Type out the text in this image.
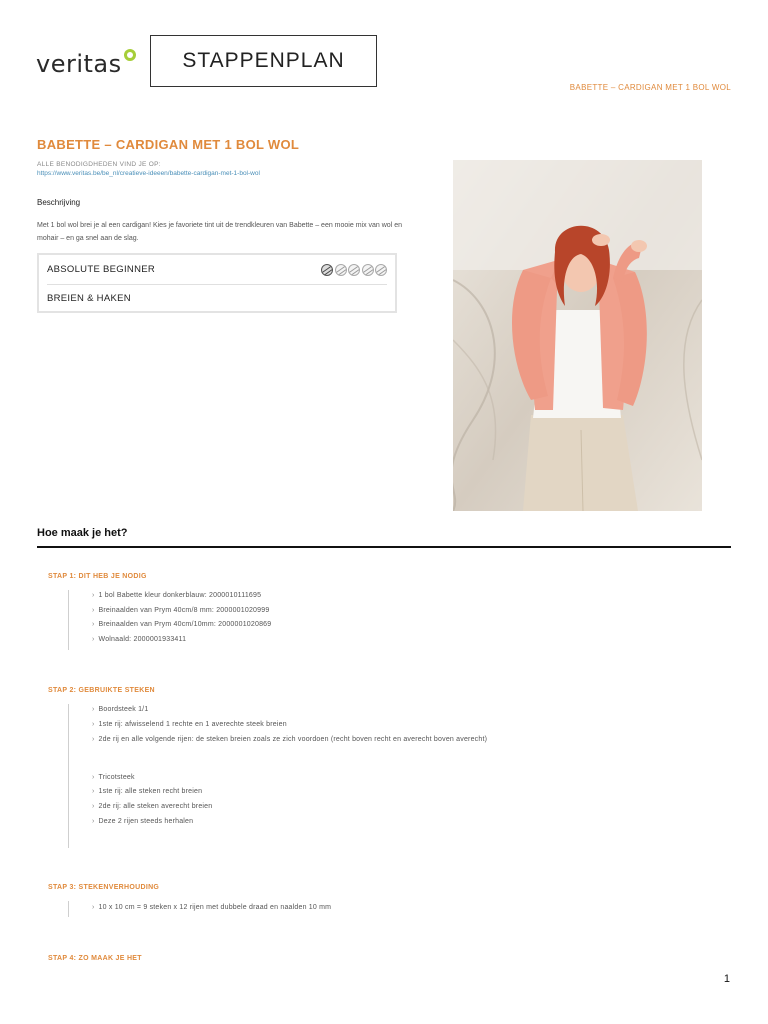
veritas	STAPPENPLAN
BABETTE – CARDIGAN MET 1 BOL WOL
BABETTE – CARDIGAN MET 1 BOL WOL
ALLE BENODIGDHEDEN VIND JE OP:
https://www.veritas.be/be_nl/creatieve-ideeen/babette-cardigan-met-1-bol-wol
Beschrijving
Met 1 bol wol brei je al een cardigan! Kies je favoriete tint uit de trendkleuren van Babette – een mooie mix van wol en mohair – en ga snel aan de slag.
ABSOLUTE BEGINNER
BREIEN & HAKEN
Hoe maak je het?
STAP 1: DIT HEB JE NODIG
› 1 bol Babette kleur donkerblauw: 2000010111695
› Breinaalden van Prym 40cm/8 mm: 2000001020999
› Breinaalden van Prym 40cm/10mm: 2000001020869
› Wolnaald: 2000001933411
STAP 2: GEBRUIKTE STEKEN
› Boordsteek 1/1
› 1ste rij: afwisselend 1 rechte en 1 averechte steek breien
› 2de rij en alle volgende rijen: de steken breien zoals ze zich voordoen (recht boven recht en averecht boven averecht)
› Tricotsteek
› 1ste rij: alle steken recht breien
› 2de rij: alle steken averecht breien
› Deze 2 rijen steeds herhalen
STAP 3: STEKENVERHOUDING
› 10 x 10 cm = 9 steken x 12 rijen met dubbele draad en naalden 10 mm
STAP 4: ZO MAAK JE HET
1
